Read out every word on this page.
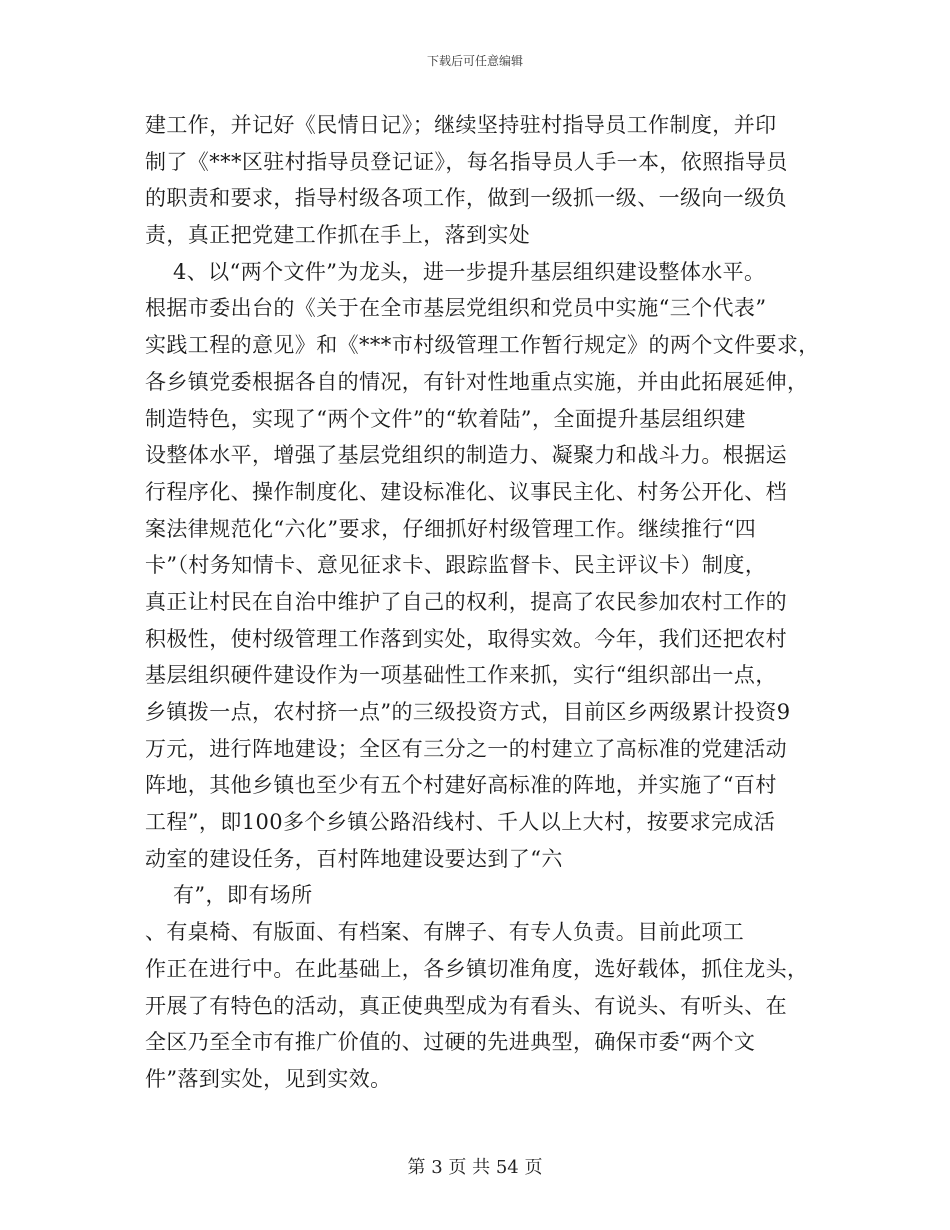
下载后可任意编辑
建工作，并记好《民情日记》；继续坚持驻村指导员工作制度，并印
制了《***区驻村指导员登记证》，每名指导员人手一本，依照指导员
的职责和要求，指导村级各项工作，做到一级抓一级、一级向一级负
责，真正把党建工作抓在手上，落到实处
4、以“两个文件”为龙头，进一步提升基层组织建设整体水平。
根据市委出台的《关于在全市基层党组织和党员中实施“三个代表”
实践工程的意见》和《***市村级管理工作暂行规定》的两个文件要求，
各乡镇党委根据各自的情况，有针对性地重点实施，并由此拓展延伸，
制造特色，实现了“两个文件”的“软着陆”，全面提升基层组织建
设整体水平，增强了基层党组织的制造力、凝聚力和战斗力。根据运
行程序化、操作制度化、建设标准化、议事民主化、村务公开化、档
案法律规范化“六化”要求，仔细抓好村级管理工作。继续推行“四
卡”（村务知情卡、意见征求卡、跟踪监督卡、民主评议卡）制度，
真正让村民在自治中维护了自己的权利，提高了农民参加农村工作的
积极性，使村级管理工作落到实处，取得实效。今年，我们还把农村
基层组织硬件建设作为一项基础性工作来抓，实行“组织部出一点，
乡镇拨一点，农村挤一点”的三级投资方式，目前区乡两级累计投资9
万元，进行阵地建设；全区有三分之一的村建立了高标准的党建活动
阵地，其他乡镇也至少有五个村建好高标准的阵地，并实施了“百村
工程”，即100多个乡镇公路沿线村、千人以上大村，按要求完成活
动室的建设任务，百村阵地建设要达到了“六
有”，即有场所
、有桌椅、有版面、有档案、有牌子、有专人负责。目前此项工
作正在进行中。在此基础上，各乡镇切准角度，选好载体，抓住龙头，
开展了有特色的活动，真正使典型成为有看头、有说头、有听头、在
全区乃至全市有推广价值的、过硬的先进典型，确保市委“两个文
件”落到实处，见到实效。
第 3 页 共 54 页
